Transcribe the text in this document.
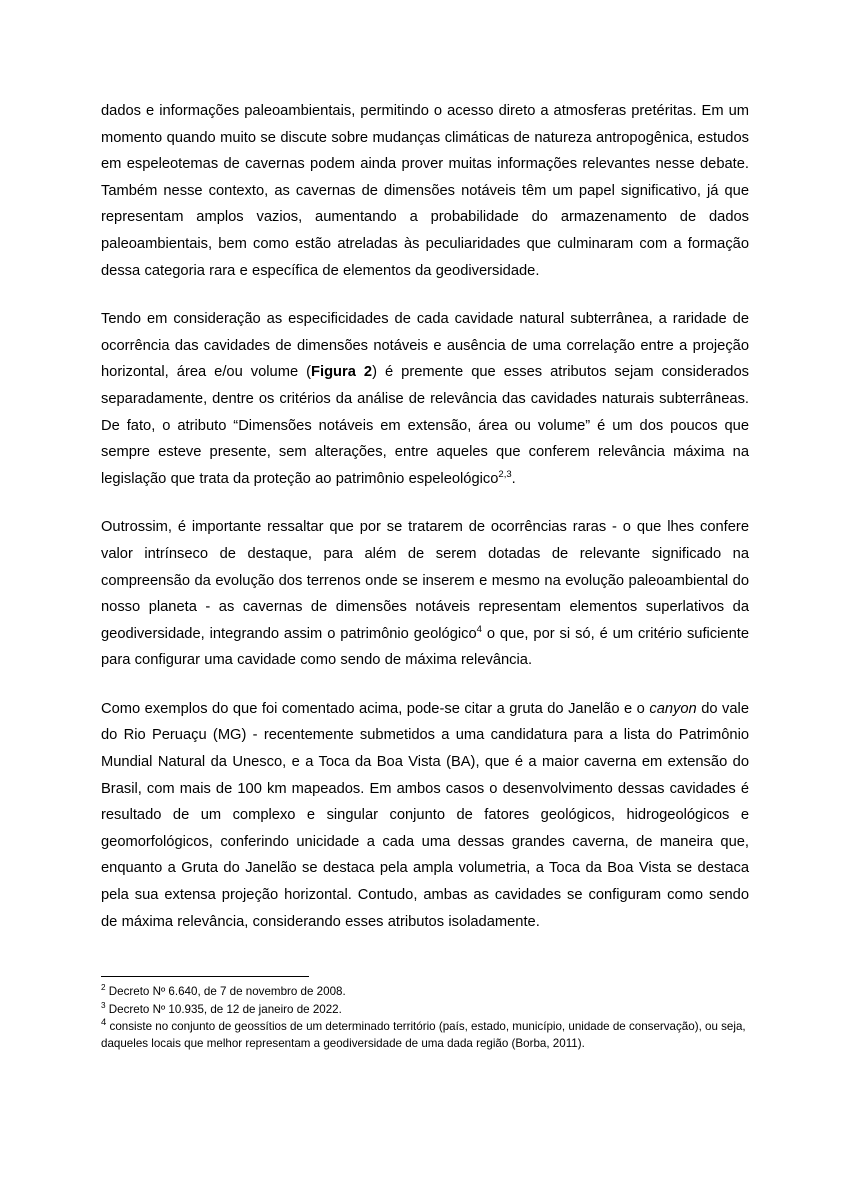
dados e informações paleoambientais, permitindo o acesso direto a atmosferas pretéritas. Em um momento quando muito se discute sobre mudanças climáticas de natureza antropogênica, estudos em espeleotemas de cavernas podem ainda prover muitas informações relevantes nesse debate. Também nesse contexto, as cavernas de dimensões notáveis têm um papel significativo, já que representam amplos vazios, aumentando a probabilidade do armazenamento de dados paleoambientais, bem como estão atreladas às peculiaridades que culminaram com a formação dessa categoria rara e específica de elementos da geodiversidade.

Tendo em consideração as especificidades de cada cavidade natural subterrânea, a raridade de ocorrência das cavidades de dimensões notáveis e ausência de uma correlação entre a projeção horizontal, área e/ou volume (Figura 2) é premente que esses atributos sejam considerados separadamente, dentre os critérios da análise de relevância das cavidades naturais subterrâneas. De fato, o atributo “Dimensões notáveis em extensão, área ou volume” é um dos poucos que sempre esteve presente, sem alterações, entre aqueles que conferem relevância máxima na legislação que trata da proteção ao patrimônio espeleológico$^{2,3}$.

Outrossim, é importante ressaltar que por se tratarem de ocorrências raras - o que lhes confere valor intrínseco de destaque, para além de serem dotadas de relevante significado na compreensão da evolução dos terrenos onde se inserem e mesmo na evolução paleoambiental do nosso planeta - as cavernas de dimensões notáveis representam elementos superlativos da geodiversidade, integrando assim o patrimônio geológico$^4$ o que, por si só, é um critério suficiente para configurar uma cavidade como sendo de máxima relevância.

Como exemplos do que foi comentado acima, pode-se citar a gruta do Janelão e o canyon do vale do Rio Peruaçu (MG) - recentemente submetidos a uma candidatura para a lista do Patrimônio Mundial Natural da Unesco, e a Toca da Boa Vista (BA), que é a maior caverna em extensão do Brasil, com mais de 100 km mapeados. Em ambos casos o desenvolvimento dessas cavidades é resultado de um complexo e singular conjunto de fatores geológicos, hidrogeológicos e geomorfológicos, conferindo unicidade a cada uma dessas grandes caverna, de maneira que, enquanto a Gruta do Janelão se destaca pela ampla volumetria, a Toca da Boa Vista se destaca pela sua extensa projeção horizontal. Contudo, ambas as cavidades se configuram como sendo de máxima relevância, considerando esses atributos isoladamente.

$^2$ Decreto Nº 6.640, de 7 de novembro de 2008.

$^3$ Decreto Nº 10.935, de 12 de janeiro de 2022.

$^4$ consiste no conjunto de geossítios de um determinado território (país, estado, município, unidade de conservação), ou seja, daqueles locais que melhor representam a geodiversidade de uma dada região (Borba, 2011).
